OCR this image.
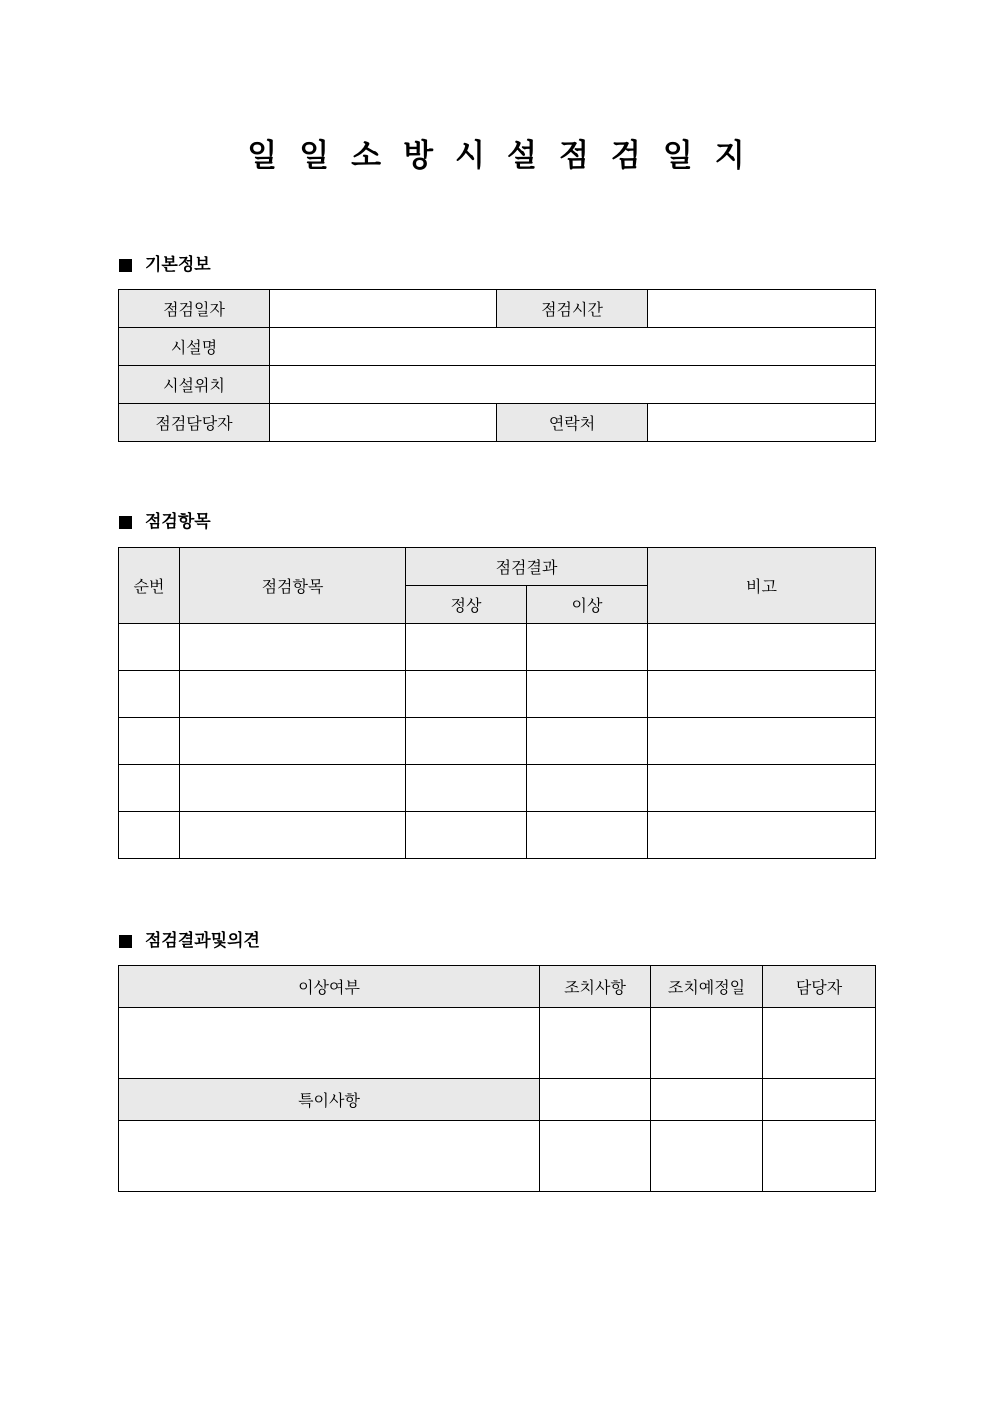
일일소방시설점검일지
기본정보
점검일자		점검시간	
시설명			
시설위치			
점검담당자		연락처	
점검항목
순번	점검항목	점검결과		비고
		정상	이상	

점검결과및의견
이상여부	조치사항	조치예정일	담당자

특이사항			
